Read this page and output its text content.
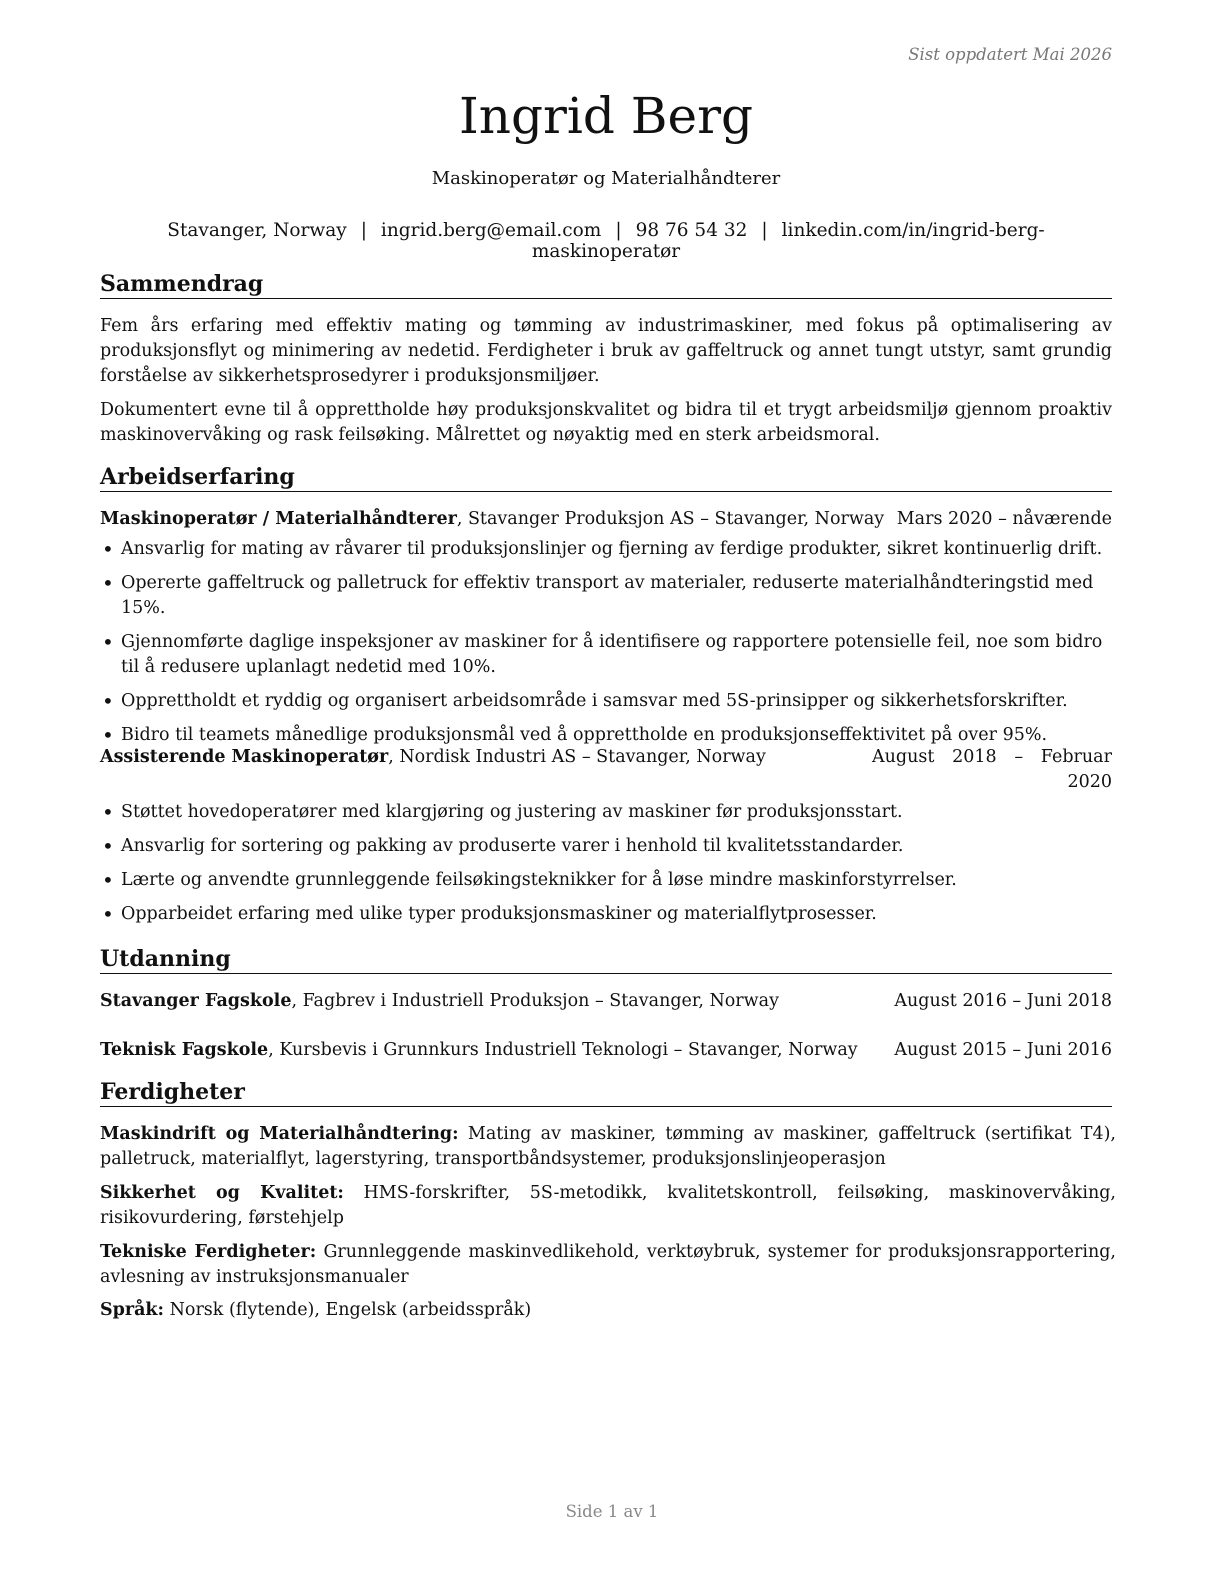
Sist oppdatert Mai 2026
Ingrid Berg
Maskinoperatør og Materialhåndterer
Stavanger, Norway | ingrid.berg@email.com | 98 76 54 32 | linkedin.com/in/ingrid-berg-maskinoperatør
Sammendrag
Fem års erfaring med effektiv mating og tømming av industrimaskiner, med fokus på optimalisering av produksjonsflyt og minimering av nedetid. Ferdigheter i bruk av gaffeltruck og annet tungt utstyr, samt grundig forståelse av sikkerhetsprosedyrer i produksjonsmiljøer.
Dokumentert evne til å opprettholde høy produksjonskvalitet og bidra til et trygt arbeidsmiljø gjennom proaktiv maskinovervåking og rask feilsøking. Målrettet og nøyaktig med en sterk arbeidsmoral.
Arbeidserfaring
Maskinoperatør / Materialhåndterer, Stavanger Produksjon AS – Stavanger, Norway Mars 2020 – nåværende
• Ansvarlig for mating av råvarer til produksjonslinjer og fjerning av ferdige produkter, sikret kontinuerlig drift.
• Opererte gaffeltruck og palletruck for effektiv transport av materialer, reduserte materialhåndteringstid med 15%.
• Gjennomførte daglige inspeksjoner av maskiner for å identifisere og rapportere potensielle feil, noe som bidro til å redusere uplanlagt nedetid med 10%.
• Opprettholdt et ryddig og organisert arbeidsområde i samsvar med 5S-prinsipper og sikkerhetsforskrifter.
• Bidro til teamets månedlige produksjonsmål ved å opprettholde en produksjonseffektivitet på over 95%.
Assisterende Maskinoperatør, Nordisk Industri AS – Stavanger, Norway	August 2018 – Februar 2020
• Støttet hovedoperatører med klargjøring og justering av maskiner før produksjonsstart.
• Ansvarlig for sortering og pakking av produserte varer i henhold til kvalitetsstandarder.
• Lærte og anvendte grunnleggende feilsøkingsteknikker for å løse mindre maskinforstyrrelser.
• Opparbeidet erfaring med ulike typer produksjonsmaskiner og materialflytprosesser.
Utdanning
Stavanger Fagskole, Fagbrev i Industriell Produksjon – Stavanger, Norway	August 2016 – Juni 2018
Teknisk Fagskole, Kursbevis i Grunnkurs Industriell Teknologi – Stavanger, Norway August 2015 – Juni 2016
Ferdigheter
Maskindrift og Materialhåndtering: Mating av maskiner, tømming av maskiner, gaffeltruck (sertifikat T4), palletruck, materialflyt, lagerstyring, transportbåndsystemer, produksjonslinjeoperasjon
Sikkerhet og Kvalitet: HMS-forskrifter, 5S-metodikk, kvalitetskontroll, feilsøking, maskinovervåking, risikovurdering, førstehjelp
Tekniske Ferdigheter: Grunnleggende maskinvedlikehold, verktøybruk, systemer for produksjonsrapportering, avlesning av instruksjonsmanualer
Språk: Norsk (flytende), Engelsk (arbeidsspråk)
Side 1 av 1
